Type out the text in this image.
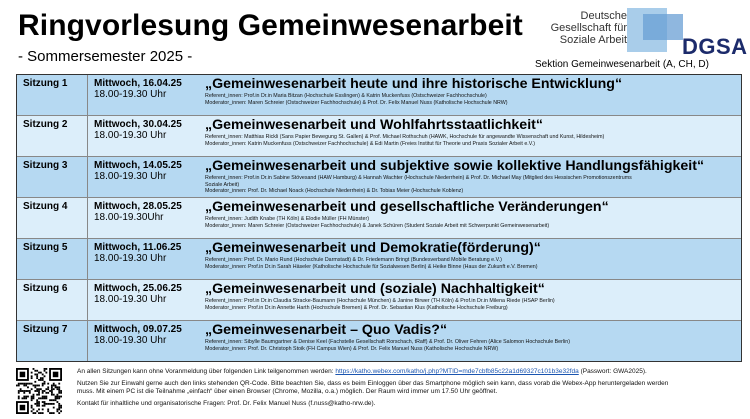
Ringvorlesung Gemeinwesenarbeit
- Sommersemester 2025 -
Deutsche
Gesellschaft für
Soziale Arbeit	DGSA
Sektion Gemeinwesenarbeit (A, CH, D)
Sitzung 1	Mittwoch, 16.04.25
18.00-19.30 Uhr
„Gemeinwesenarbeit heute und ihre historische Entwicklung“
Referent_innen: Prof.in Dr.in Maria Bitzan (Hochschule Esslingen) & Katrin Muckenfuss (Ostschweizer Fachhochschule)
Moderator_innen: Maren Schreier (Ostschweizer Fachhochschule) & Prof. Dr. Felix Manuel Nuss (Katholische Hochschule NRW)
Sitzung 2	Mittwoch, 30.04.25
18.00-19.30 Uhr
„Gemeinwesenarbeit und Wohlfahrtsstaatlichkeit“
Referent_innen: Matthias Rickli (Sans Papier Bewegung St. Gallen) & Prof. Michael Rothschuh (HAWK, Hochschule für angewandte Wissenschaft und Kunst, Hildesheim)
Moderator_innen: Katrin Muckenfuss (Ostschweizer Fachhochschule) & Edi Martin (Freies Institut für Theorie und Praxis Sozialer Arbeit e.V.)
Sitzung 3	Mittwoch, 14.05.25
18.00-19.30 Uhr
„Gemeinwesenarbeit und subjektive sowie kollektive Handlungsfähigkeit“
Referent_innen: Prof.in Dr.in Sabine Stövesand (HAW Hamburg) & Hannah Wachter (Hochschule Niederrhein) & Prof. Dr. Michael May (Mitglied des Hessischen Promotionszentrums
Soziale Arbeit)
Moderator_innen: Prof. Dr. Michael Noack (Hochschule Niederrhein) & Dr. Tobias Meier (Hochschule Koblenz)
Sitzung 4	Mittwoch, 28.05.25
18.00-19.30Uhr
„Gemeinwesenarbeit und gesellschaftliche Veränderungen“
Referent_innen: Judith Knabe (TH Köln) & Elodie Müller (FH Münster)
Moderator_innen: Maren Schreier (Ostschweizer Fachhochschule) & Janek Schüren (Student Soziale Arbeit mit Schwerpunkt Gemeinwesenarbeit)
Sitzung 5	Mittwoch, 11.06.25
18.00-19.30 Uhr
„Gemeinwesenarbeit und Demokratie(förderung)“
Referent_innen: Prof. Dr. Mario Rund (Hochschule Darmstadt) & Dr. Friedemann Bringt (Bundesverband Mobile Beratung e.V.)
Moderator_innen: Prof.in Dr.in Sarah Häseler (Katholische Hochschule für Sozialwesen Berlin) & Heike Binne (Haus der Zukunft e.V. Bremen)
Sitzung 6	Mittwoch, 25.06.25
18.00-19.30 Uhr
„Gemeinwesenarbeit und (soziale) Nachhaltigkeit“
Referent_innen: Prof.in Dr.in Claudia Stracke-Baumann (Hochschule München) & Janine Birwer (TH Köln) & Prof.in Dr.in Milena Riede (HSAP Berlin)
Moderator_innen: Prof.in Dr.in Annette Harth (Hochschule Bremen) & Prof. Dr. Sebastian Klus (Katholische Hochschule Freiburg)
Sitzung 7	Mittwoch, 09.07.25
18.00-19.30 Uhr
„Gemeinwesenarbeit – Quo Vadis?“
Referent_innen: Sibylle Baumgartner & Denise Keel (Fachstelle Gesellschaft Rorschach, tRaff) & Prof. Dr. Oliver Fehren (Alice Salomon Hochschule Berlin)
Moderator_innen: Prof. Dr. Christoph Stoik (FH Campus Wien) & Prof. Dr. Felix Manuel Nuss (Katholische Hochschule NRW)

An allen Sitzungen kann ohne Voranmeldung über folgenden Link teilgenommen werden: https://katho.webex.com/katho/j.php?MTID=mde7cbfb85c22a1d69327c101b3e32fda (Passwort: GWA2025).

Nutzen Sie zur Einwahl gerne auch den links stehenden QR-Code. Bitte beachten Sie, dass es beim Einloggen über das Smartphone möglich sein kann, dass vorab die Webex-App heruntergeladen werden

muss. Mit einem PC ist die Teilnahme „einfach“ über einen Browser (Chrome, Mozilla, o.a.) möglich. Der Raum wird immer um 17.50 Uhr geöffnet.

Kontakt für inhaltliche und organisatorische Fragen: Prof. Dr. Felix Manuel Nuss (f.nuss@katho-nrw.de).
